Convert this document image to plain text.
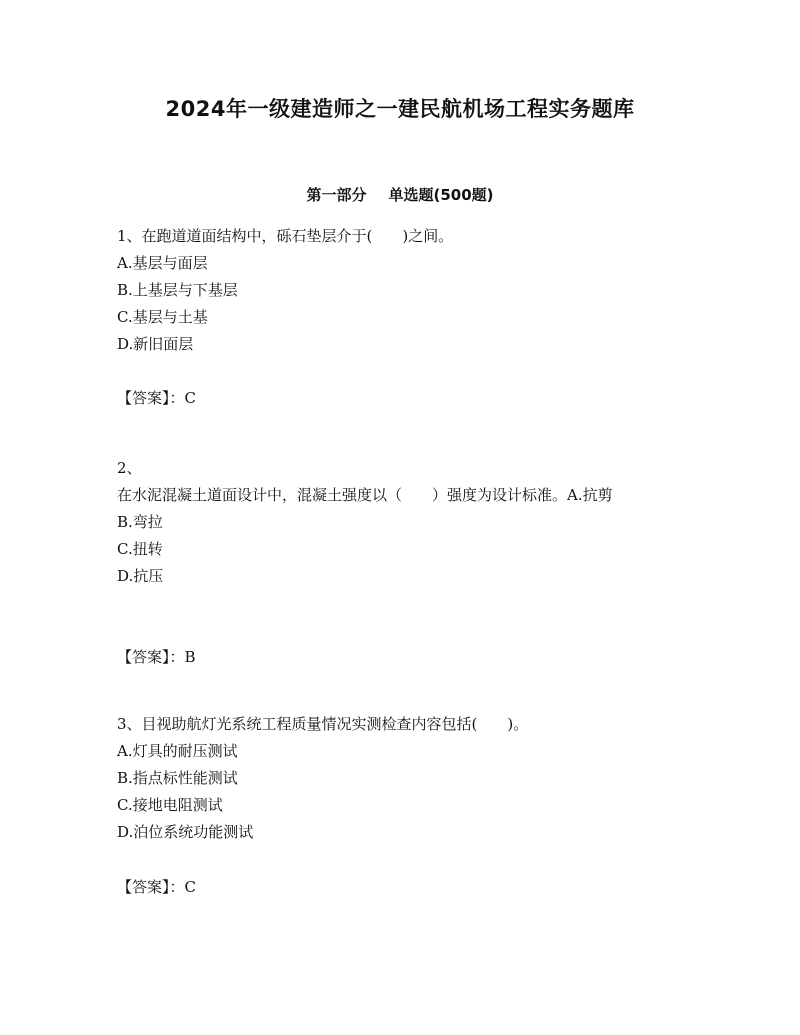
2024年一级建造师之一建民航机场工程实务题库
第一部分 单选题(500题)
1、在跑道道面结构中，砾石垫层介于(　　)之间。
A.基层与面层
B.上基层与下基层
C.基层与土基
D.新旧面层
【答案】：C
2、
在水泥混凝土道面设计中，混凝土强度以（　　）强度为设计标准。A.抗剪
B.弯拉
C.扭转
D.抗压
【答案】：B
3、目视助航灯光系统工程质量情况实测检查内容包括(　　)。
A.灯具的耐压测试
B.指点标性能测试
C.接地电阻测试
D.泊位系统功能测试
【答案】：C
